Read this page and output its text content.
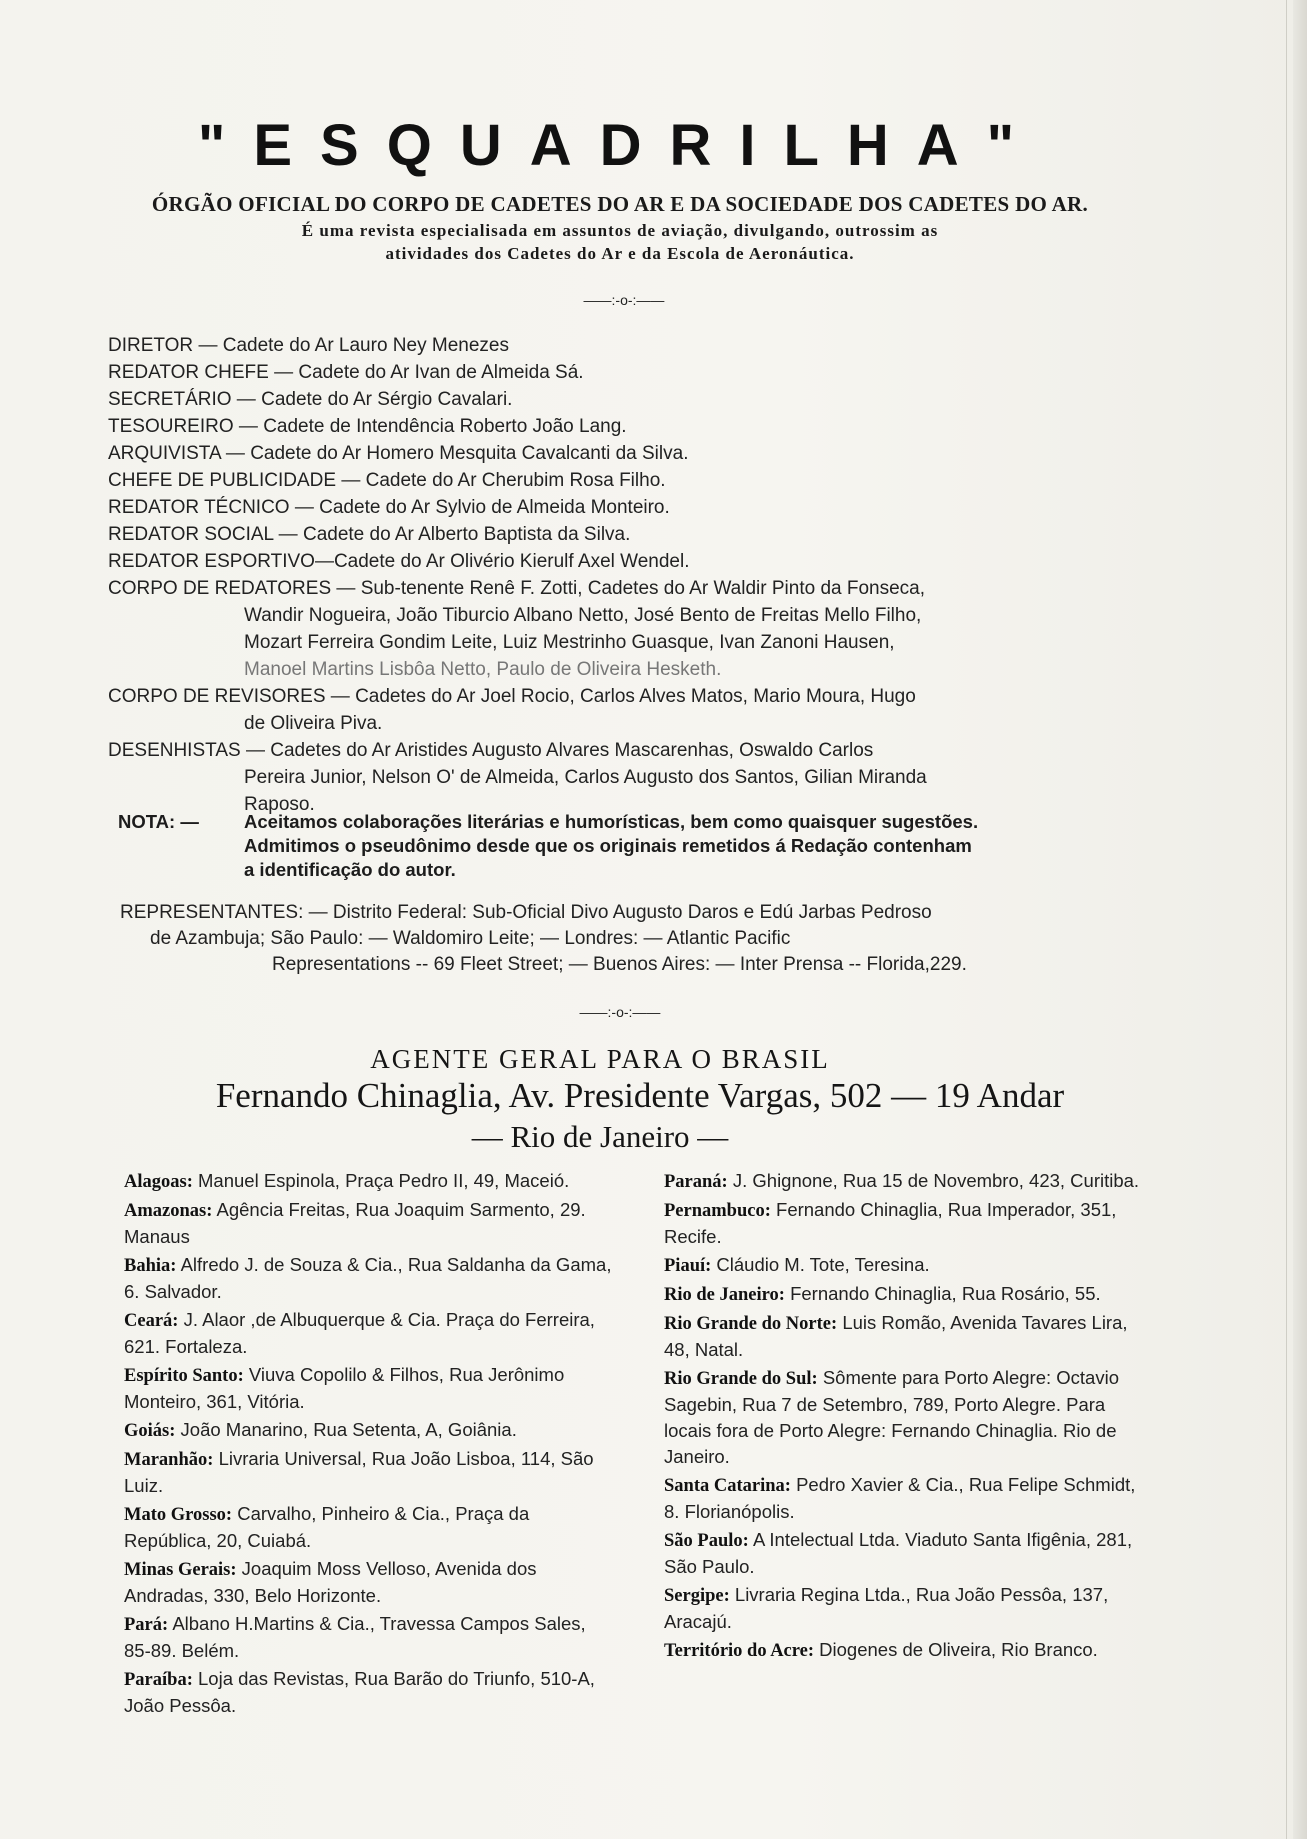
"ESQUADRILHA"
ÓRGÃO OFICIAL DO CORPO DE CADETES DO AR E DA SOCIEDADE DOS CADETES DO AR.
É uma revista especialisada em assuntos de aviação, divulgando, outrossim as
atividades dos Cadetes do Ar e da Escola de Aeronáutica.
——:-o-:——
DIRETOR — Cadete do Ar Lauro Ney Menezes
REDATOR CHEFE — Cadete do Ar Ivan de Almeida Sá.
SECRETÁRIO — Cadete do Ar Sérgio Cavalari.
TESOUREIRO — Cadete de Intendência Roberto João Lang.
ARQUIVISTA — Cadete do Ar Homero Mesquita Cavalcanti da Silva.
CHEFE DE PUBLICIDADE — Cadete do Ar Cherubim Rosa Filho.
REDATOR TÉCNICO — Cadete do Ar Sylvio de Almeida Monteiro.
REDATOR SOCIAL — Cadete do Ar Alberto Baptista da Silva.
REDATOR ESPORTIVO—Cadete do Ar Olivério Kierulf Axel Wendel.
CORPO DE REDATORES — Sub-tenente Renê F. Zotti, Cadetes do Ar Waldir Pinto da Fonseca,
Wandir Nogueira, João Tiburcio Albano Netto, José Bento de Freitas Mello Filho,
Mozart Ferreira Gondim Leite, Luiz Mestrinho Guasque, Ivan Zanoni Hausen,
Manoel Martins Lisbôa Netto, Paulo de Oliveira Hesketh.
CORPO DE REVISORES — Cadetes do Ar Joel Rocio, Carlos Alves Matos, Mario Moura, Hugo
de Oliveira Piva.
DESENHISTAS — Cadetes do Ar Aristides Augusto Alvares Mascarenhas, Oswaldo Carlos
Pereira Junior, Nelson O' de Almeida, Carlos Augusto dos Santos, Gilian Miranda
Raposo.
NOTA: —	Aceitamos colaborações literárias e humorísticas, bem como quaisquer sugestões.
Admitimos o pseudônimo desde que os originais remetidos á Redação contenham
a identificação do autor.
REPRESENTANTES: — Distrito Federal: Sub-Oficial Divo Augusto Daros e Edú Jarbas Pedroso
de Azambuja; São Paulo: — Waldomiro Leite; — Londres: — Atlantic Pacific
Representations -- 69 Fleet Street; — Buenos Aires: — Inter Prensa -- Florida,229.
——:-o-:——
AGENTE GERAL PARA O BRASIL
Fernando Chinaglia, Av. Presidente Vargas, 502 — 19 Andar
— Rio de Janeiro —
Alagoas: Manuel Espinola, Praça Pedro II, 49, Maceió.
Amazonas: Agência Freitas, Rua Joaquim Sarmento, 29. Manaus
Bahia: Alfredo J. de Souza & Cia., Rua Saldanha da Gama, 6. Salvador.
Ceará: J. Alaor ,de Albuquerque & Cia. Praça do Ferreira, 621. Fortaleza.
Espírito Santo: Viuva Copolilo & Filhos, Rua Jerônimo Monteiro, 361, Vitória.
Goiás: João Manarino, Rua Setenta, A, Goiânia.
Maranhão: Livraria Universal, Rua João Lisboa, 114, São Luiz.
Mato Grosso: Carvalho, Pinheiro & Cia., Praça da República, 20, Cuiabá.
Minas Gerais: Joaquim Moss Velloso, Avenida dos Andradas, 330, Belo Horizonte.
Pará: Albano H.Martins & Cia., Travessa Campos Sales, 85-89. Belém.
Paraíba: Loja das Revistas, Rua Barão do Triunfo, 510-A, João Pessôa.
Paraná: J. Ghignone, Rua 15 de Novembro, 423, Curitiba.
Pernambuco: Fernando Chinaglia, Rua Imperador, 351, Recife.
Piauí: Cláudio M. Tote, Teresina.
Rio de Janeiro: Fernando Chinaglia, Rua Rosário, 55.
Rio Grande do Norte: Luis Romão, Avenida Tavares Lira, 48, Natal.
Rio Grande do Sul: Sômente para Porto Alegre: Octavio Sagebin, Rua 7 de Setembro, 789, Porto Alegre. Para locais fora de Porto Alegre: Fernando Chinaglia. Rio de Janeiro.
Santa Catarina: Pedro Xavier & Cia., Rua Felipe Schmidt, 8. Florianópolis.
São Paulo: A Intelectual Ltda. Viaduto Santa Ifigênia, 281, São Paulo.
Sergipe: Livraria Regina Ltda., Rua João Pessôa, 137, Aracajú.
Território do Acre: Diogenes de Oliveira, Rio Branco.
